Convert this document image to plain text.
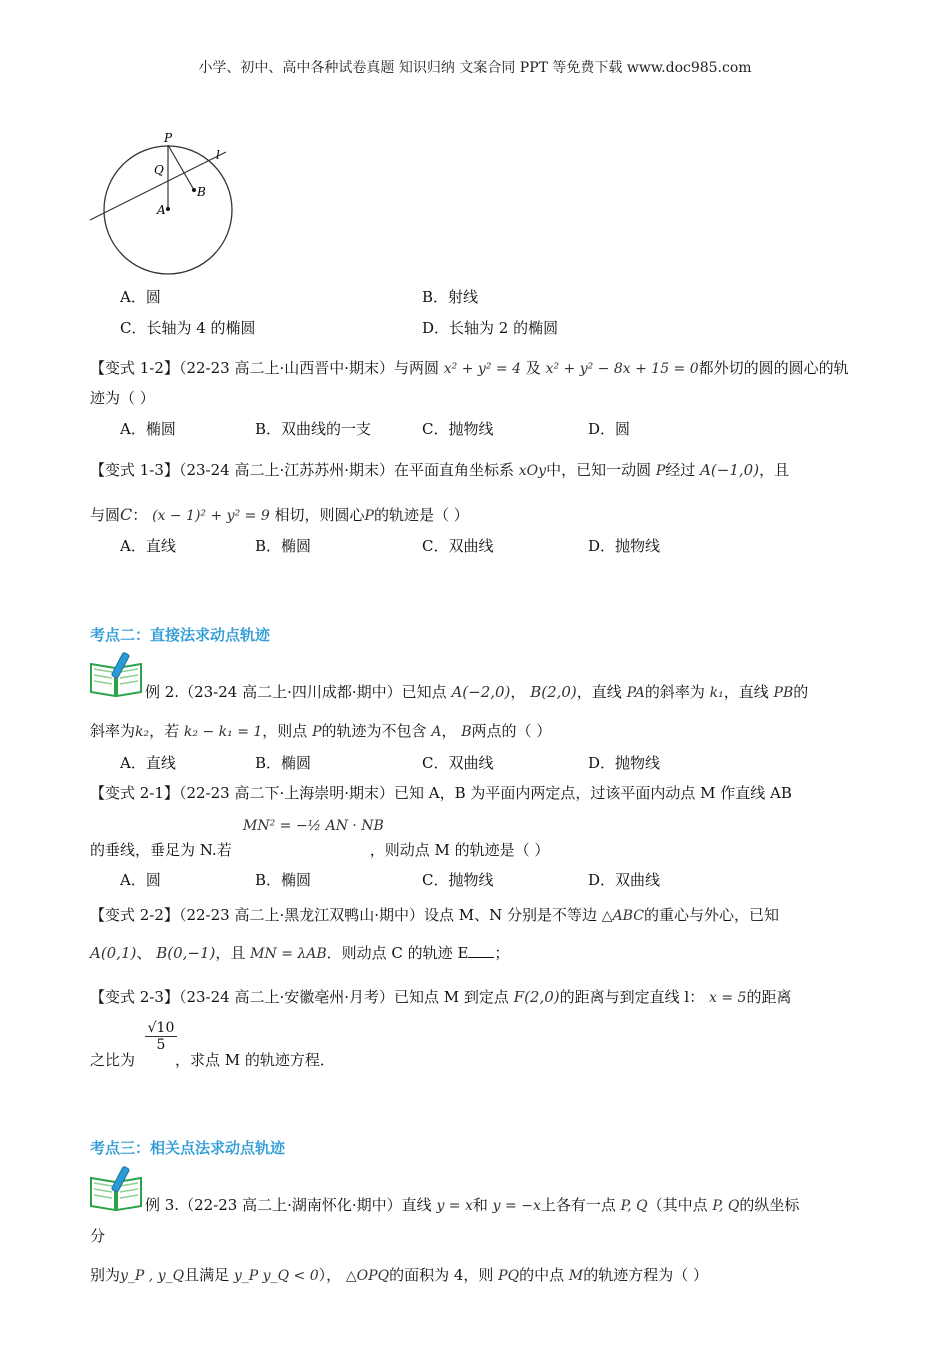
小学、初中、高中各种试卷真题 知识归纳 文案合同 PPT 等免费下载 www.doc985.com
P
Q
A
B
l
A．圆	B．射线
C．长轴为 4 的椭圆	D．长轴为 2 的椭圆
【变式 1-2】（22-23 高二上·山西晋中·期末）与两圆 x² + y² = 4 及 x² + y² − 8x + 15 = 0都外切的圆的圆心的轨
迹为（ ）
A．椭圆	B．双曲线的一支	C．抛物线	D．圆
【变式 1-3】（23-24 高二上·江苏苏州·期末）在平面直角坐标系 xOy中，已知一动圆 P经过 A(−1,0)，且
与圆C： (x − 1)² + y² = 9 相切，则圆心P的轨迹是（ ）
A．直线	B．椭圆	C．双曲线	D．抛物线
考点二：直接法求动点轨迹
例 2.（23-24 高二上·四川成都·期中）已知点 A(−2,0)， B(2,0)，直线 PA的斜率为 k₁，直线 PB的
斜率为k₂，若 k₂ − k₁ = 1，则点 P的轨迹为不包含 A， B两点的（ ）
A．直线	B．椭圆	C．双曲线	D．抛物线
【变式 2-1】（22-23 高二下·上海崇明·期末）已知 A，B 为平面内两定点，过该平面内动点 M 作直线 AB
MN² = −½ AN · NB
的垂线，垂足为 N.若	，则动点 M 的轨迹是（ ）
A．圆	B．椭圆	C．抛物线	D．双曲线
【变式 2-2】（22-23 高二上·黑龙江双鸭山·期中）设点 M、N 分别是不等边 △ABC的重心与外心，已知
A(0,1)、 B(0,−1)，且 MN = λAB．则动点 C 的轨迹 E ；
【变式 2-3】（23-24 高二上·安徽亳州·月考）已知点 M 到定点 F(2,0)的距离与到定直线 l： x = 5的距离
√10
5
之比为	，求点 M 的轨迹方程．
考点三：相关点法求动点轨迹
例 3.（22-23 高二上·湖南怀化·期中）直线 y = x和 y = −x上各有一点 P, Q（其中点 P, Q的纵坐标
分
别为y_P , y_Q且满足 y_P y_Q < 0）， △OPQ的面积为 4，则 PQ的中点 M的轨迹方程为（ ）
